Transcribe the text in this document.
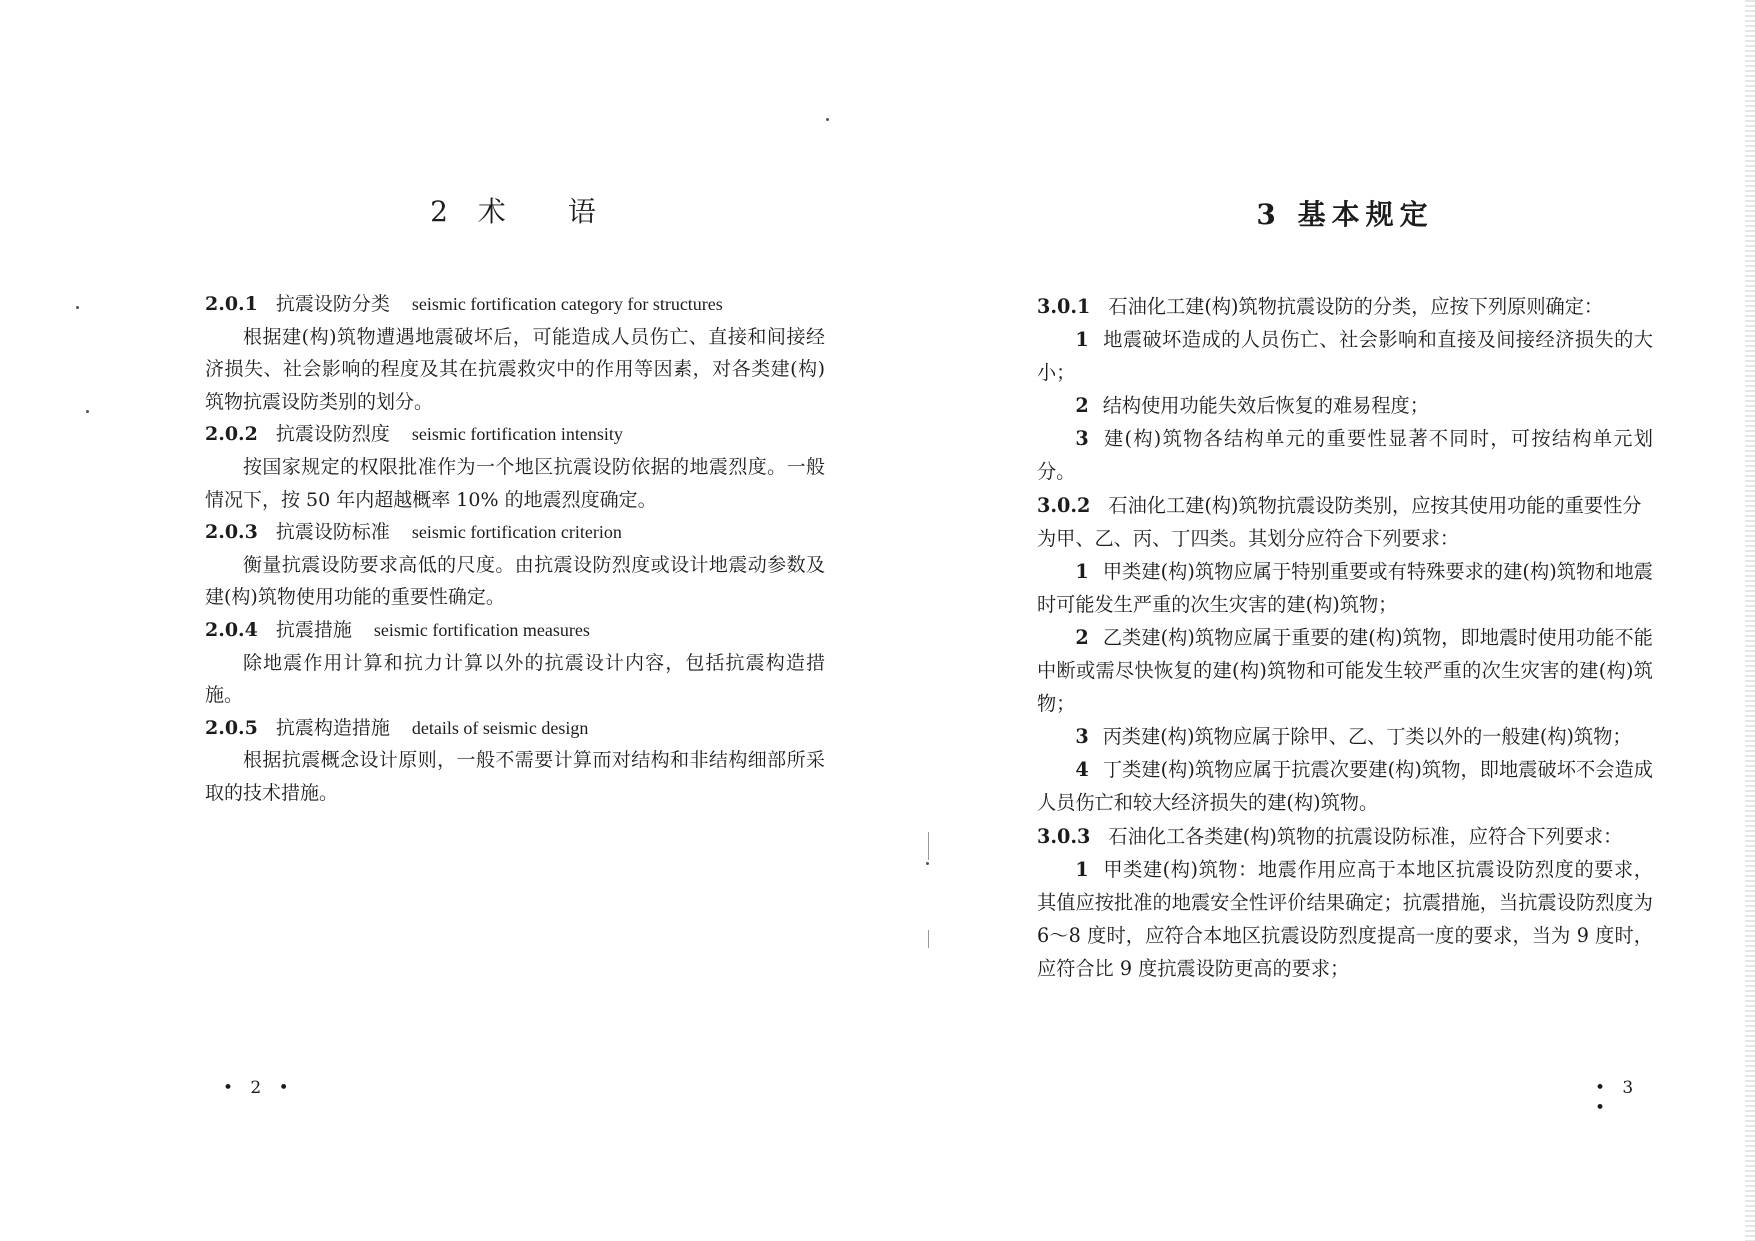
2 术 语

2.0.1 抗震设防分类 seismic fortification category for structures

根据建(构)筑物遭遇地震破坏后，可能造成人员伤亡、直接和间接经济损失、社会影响的程度及其在抗震救灾中的作用等因素，对各类建(构)筑物抗震设防类别的划分。

2.0.2 抗震设防烈度 seismic fortification intensity

按国家规定的权限批准作为一个地区抗震设防依据的地震烈度。一般情况下，按 50 年内超越概率 10% 的地震烈度确定。

2.0.3 抗震设防标准 seismic fortification criterion

衡量抗震设防要求高低的尺度。由抗震设防烈度或设计地震动参数及建(构)筑物使用功能的重要性确定。

2.0.4 抗震措施 seismic fortification measures

除地震作用计算和抗力计算以外的抗震设计内容，包括抗震构造措施。

2.0.5 抗震构造措施 details of seismic design

根据抗震概念设计原则，一般不需要计算而对结构和非结构细部所采取的技术措施。

• 2 •
3 基本规定

3.0.1 石油化工建(构)筑物抗震设防的分类，应按下列原则确定：

1 地震破坏造成的人员伤亡、社会影响和直接及间接经济损失的大小；

2 结构使用功能失效后恢复的难易程度；

3 建(构)筑物各结构单元的重要性显著不同时，可按结构单元划分。

3.0.2 石油化工建(构)筑物抗震设防类别，应按其使用功能的重要性分为甲、乙、丙、丁四类。其划分应符合下列要求：

1 甲类建(构)筑物应属于特别重要或有特殊要求的建(构)筑物和地震时可能发生严重的次生灾害的建(构)筑物；

2 乙类建(构)筑物应属于重要的建(构)筑物，即地震时使用功能不能中断或需尽快恢复的建(构)筑物和可能发生较严重的次生灾害的建(构)筑物；

3 丙类建(构)筑物应属于除甲、乙、丁类以外的一般建(构)筑物；

4 丁类建(构)筑物应属于抗震次要建(构)筑物，即地震破坏不会造成人员伤亡和较大经济损失的建(构)筑物。

3.0.3 石油化工各类建(构)筑物的抗震设防标准，应符合下列要求：

1 甲类建(构)筑物：地震作用应高于本地区抗震设防烈度的要求，其值应按批准的地震安全性评价结果确定；抗震措施，当抗震设防烈度为 6～8 度时，应符合本地区抗震设防烈度提高一度的要求，当为 9 度时，应符合比 9 度抗震设防更高的要求；

• 3 •
